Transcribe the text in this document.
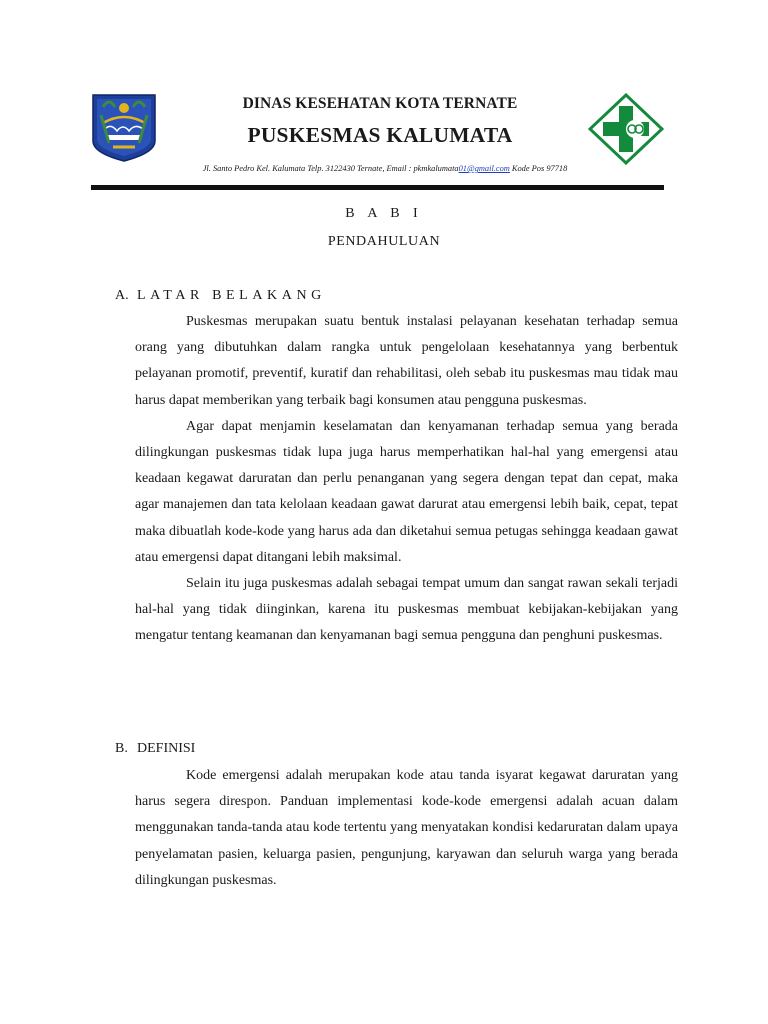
DINAS KESEHATAN KOTA TERNATE
PUSKESMAS KALUMATA
Jl. Santo Pedro Kel. Kalumata Telp. 3122430 Ternate, Email : pkmkalumata01@gmail.com Kode Pos 97718
B A B I
PENDAHULUAN
A. LATAR BELAKANG

Puskesmas merupakan suatu bentuk instalasi pelayanan kesehatan terhadap semua orang yang dibutuhkan dalam rangka untuk pengelolaan kesehatannya yang berbentuk pelayanan promotif, preventif, kuratif dan rehabilitasi, oleh sebab itu puskesmas mau tidak mau harus dapat memberikan yang terbaik bagi konsumen atau pengguna puskesmas.

Agar dapat menjamin keselamatan dan kenyamanan terhadap semua yang berada dilingkungan puskesmas tidak lupa juga harus memperhatikan hal-hal yang emergensi atau keadaan kegawat daruratan dan perlu penanganan yang segera dengan tepat dan cepat, maka agar manajemen dan tata kelolaan keadaan gawat darurat atau emergensi lebih baik, cepat, tepat maka dibuatlah kode-kode yang harus ada dan diketahui semua petugas sehingga keadaan gawat atau emergensi dapat ditangani lebih maksimal.

Selain itu juga puskesmas adalah sebagai tempat umum dan sangat rawan sekali terjadi hal-hal yang tidak diinginkan, karena itu puskesmas membuat kebijakan-kebijakan yang mengatur tentang keamanan dan kenyamanan bagi semua pengguna dan penghuni puskesmas.

B. DEFINISI

Kode emergensi adalah merupakan kode atau tanda isyarat kegawat daruratan yang harus segera direspon. Panduan implementasi kode-kode emergensi adalah acuan dalam menggunakan tanda-tanda atau kode tertentu yang menyatakan kondisi kedaruratan dalam upaya penyelamatan pasien, keluarga pasien, pengunjung, karyawan dan seluruh warga yang berada dilingkungan puskesmas.
